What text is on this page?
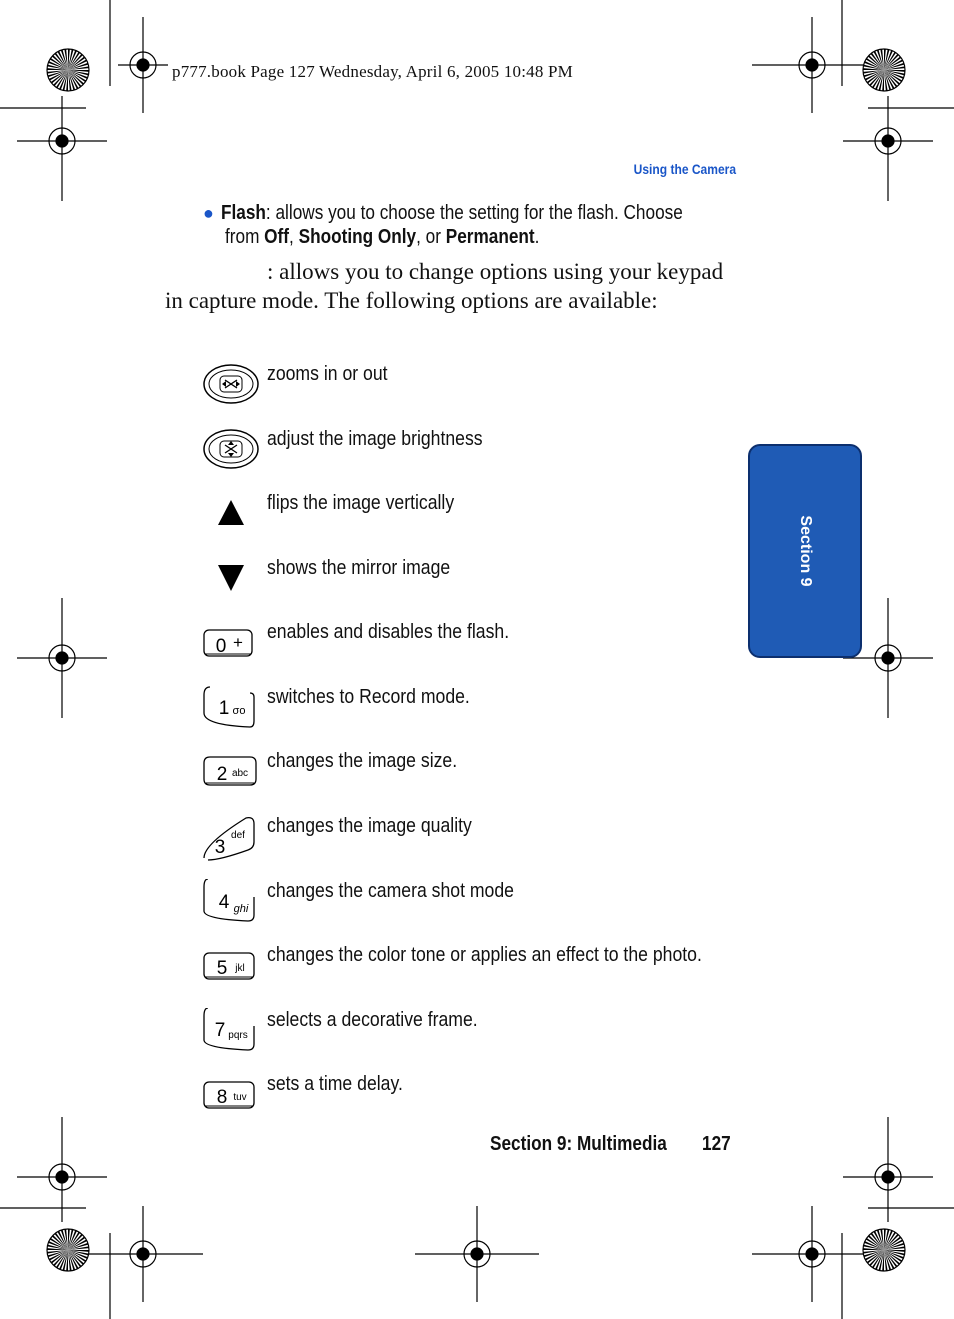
p777.book Page 127 Wednesday, April 6, 2005 10:48 PM
Using the Camera
● Flash: allows you to choose the setting for the flash. Choose
from Off, Shooting Only, or Permanent.
: allows you to change options using your keypad in capture mode. The following options are available:
zooms in or out
adjust the image brightness
flips the image vertically
shows the mirror image
0 + enables and disables the flash.
1 σο
switches to Record mode.
2 abc
changes the image size.
3
def changes the image quality
4 ghi
changes the camera shot mode
5 jkl
changes the color tone or applies an effect to the photo.
7 pqrs
selects a decorative frame.
8 tuv
sets a time delay.
Section 9
Section 9: Multimedia 127
